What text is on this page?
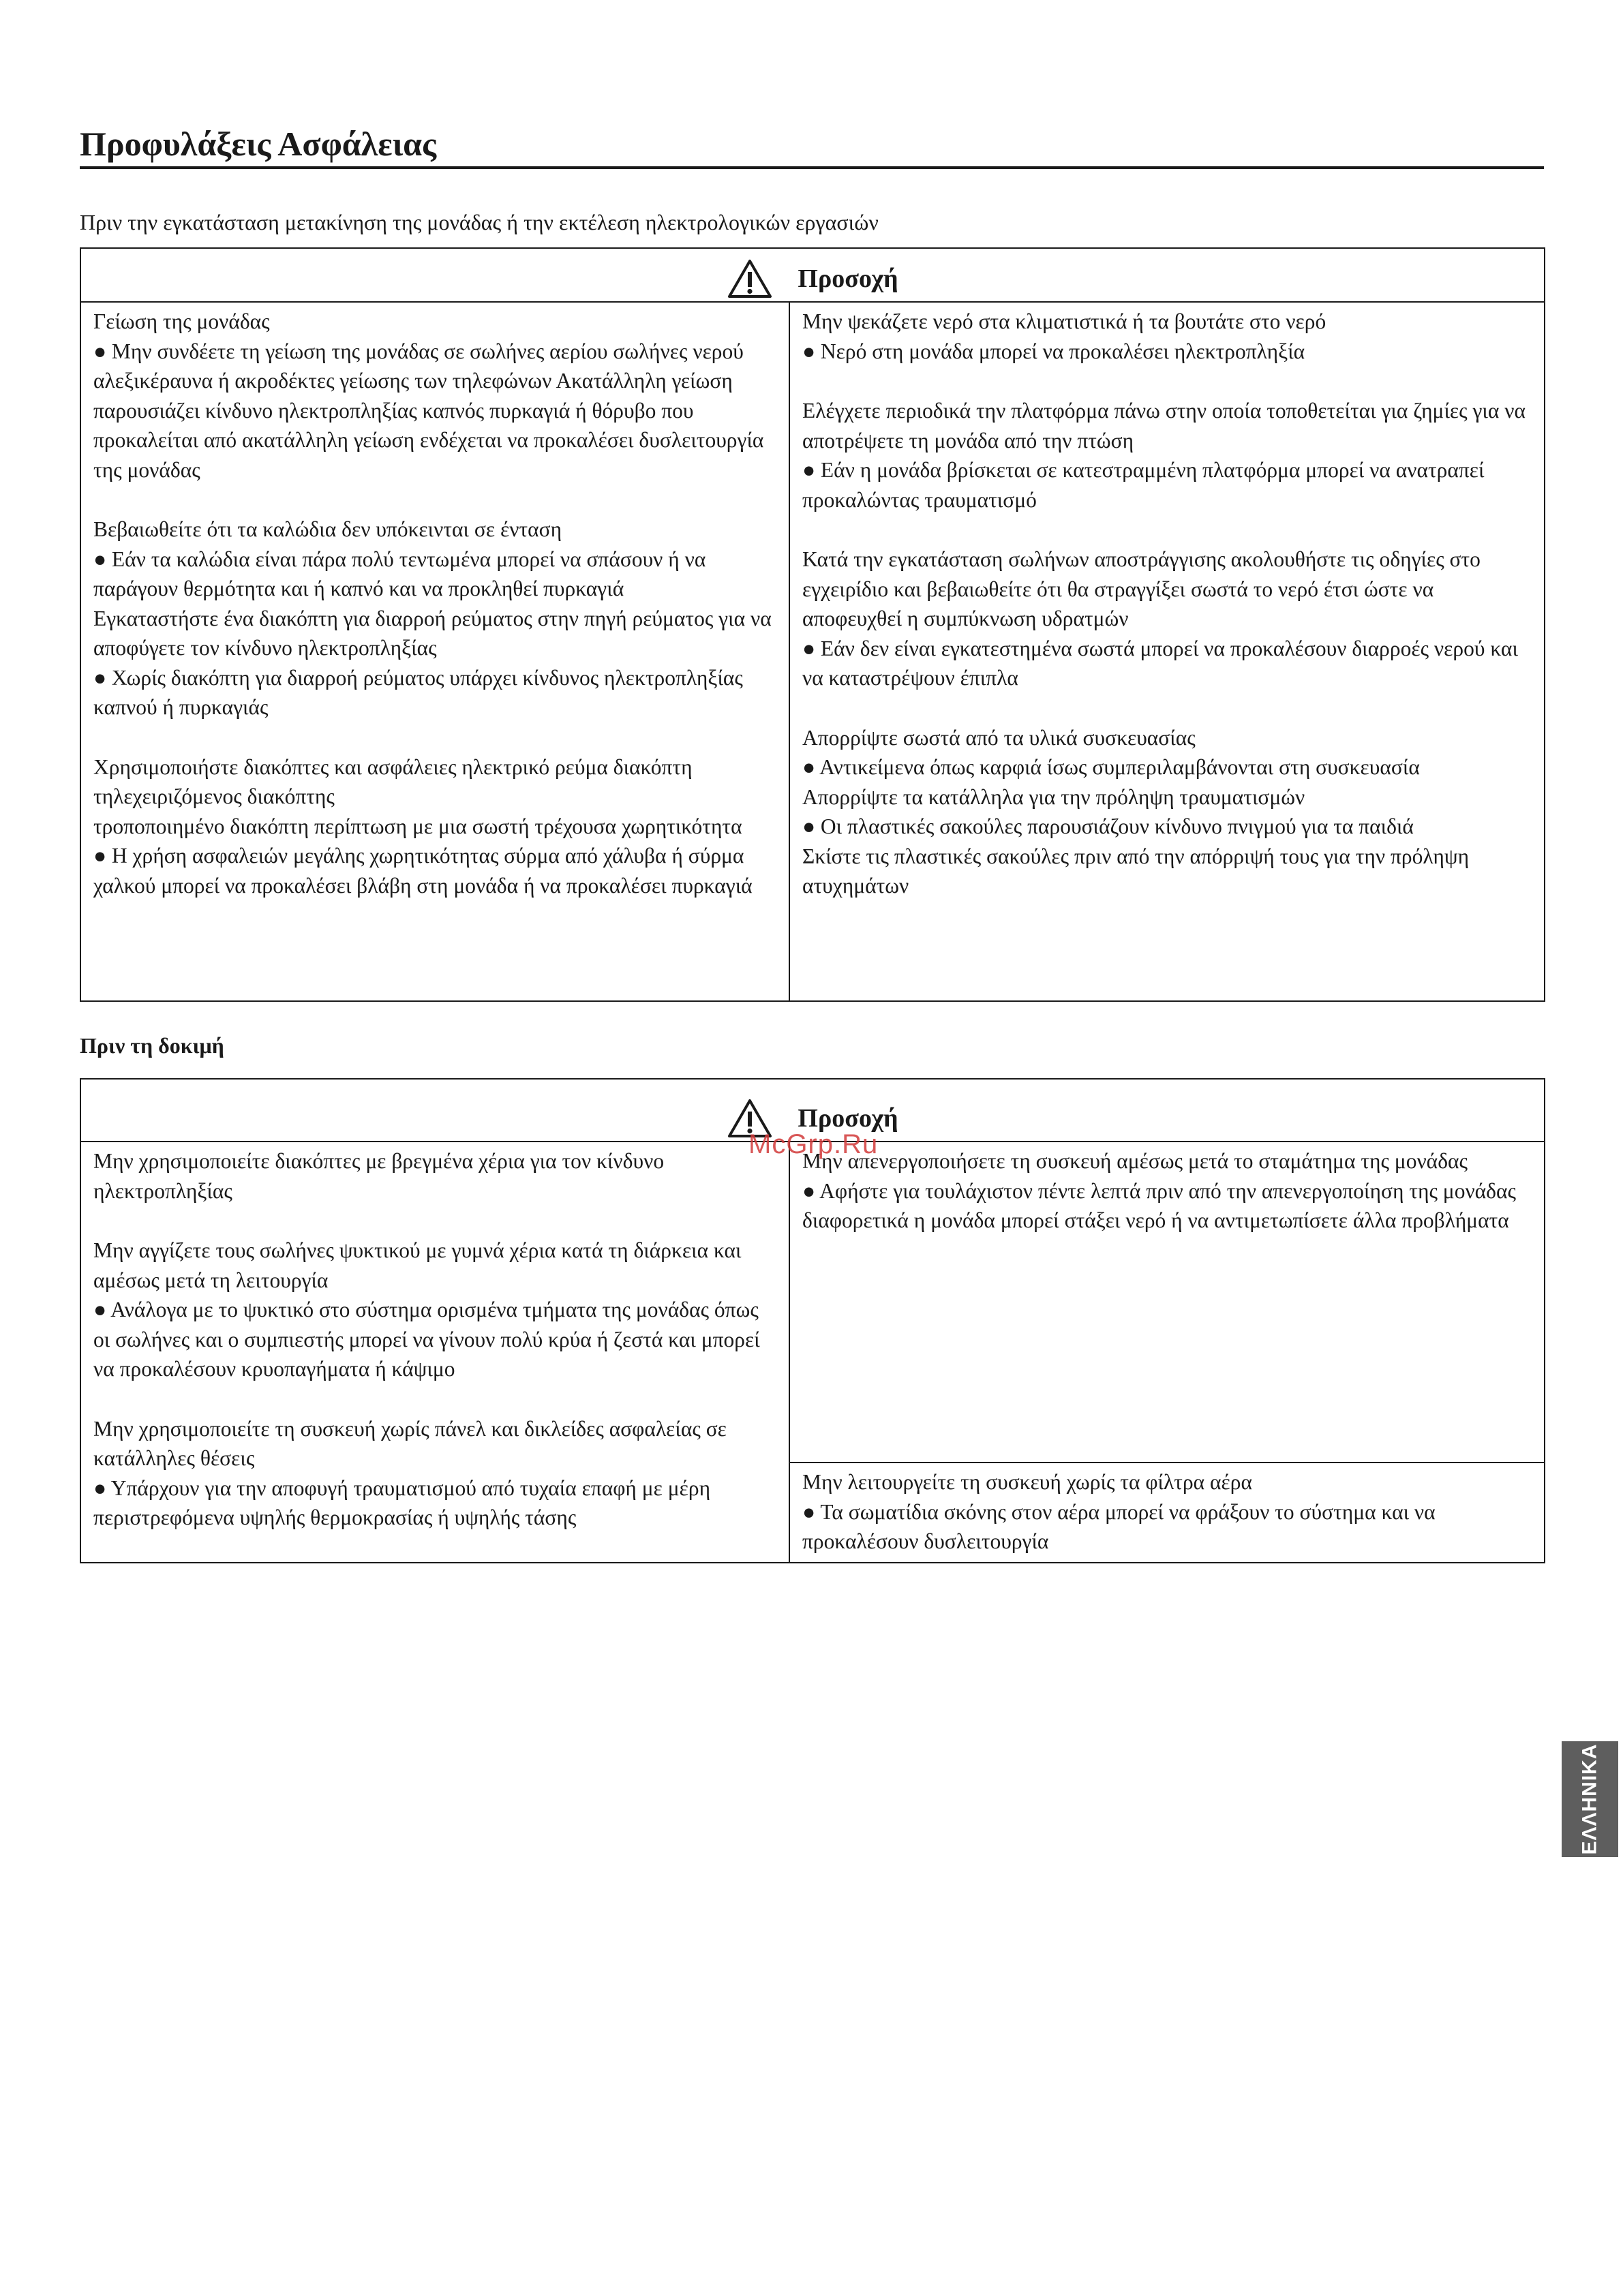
Προφυλάξεις Ασφάλειας
Πριν την εγκατάσταση μετακίνηση της μονάδας ή την εκτέλεση ηλεκτρολογικών εργασιών
Προσοχή

Γείωση της μονάδας

● Μην συνδέετε τη γείωση της μονάδας σε σωλήνες αερίου σωλήνες νερού αλεξικέραυνα ή ακροδέκτες γείωσης των τηλεφώνων Ακατάλληλη γείωση παρουσιάζει κίνδυνο ηλεκτροπληξίας καπνός πυρκαγιά ή θόρυβο που προκαλείται από ακατάλληλη γείωση ενδέχεται να προκαλέσει δυσλειτουργία της μονάδας

Βεβαιωθείτε ότι τα καλώδια δεν υπόκεινται σε ένταση

● Εάν τα καλώδια είναι πάρα πολύ τεντωμένα μπορεί να σπάσουν ή να παράγουν θερμότητα και ή καπνό και να προκληθεί πυρκαγιά

Εγκαταστήστε ένα διακόπτη για διαρροή ρεύματος στην πηγή ρεύματος για να αποφύγετε τον κίνδυνο ηλεκτροπληξίας

● Χωρίς διακόπτη για διαρροή ρεύματος υπάρχει κίνδυνος ηλεκτροπληξίας καπνού ή πυρκαγιάς

Χρησιμοποιήστε διακόπτες και ασφάλειες ηλεκτρικό ρεύμα διακόπτη τηλεχειριζόμενος διακόπτης

τροποποιημένο διακόπτη περίπτωση με μια σωστή τρέχουσα χωρητικότητα

● Η χρήση ασφαλειών μεγάλης χωρητικότητας σύρμα από χάλυβα ή σύρμα χαλκού μπορεί να προκαλέσει βλάβη στη μονάδα ή να προκαλέσει πυρκαγιά

Μην ψεκάζετε νερό στα κλιματιστικά ή τα βουτάτε στο νερό

● Νερό στη μονάδα μπορεί να προκαλέσει ηλεκτροπληξία

Ελέγχετε περιοδικά την πλατφόρμα πάνω στην οποία τοποθετείται για ζημίες για να αποτρέψετε τη μονάδα από την πτώση

● Εάν η μονάδα βρίσκεται σε κατεστραμμένη πλατφόρμα μπορεί να ανατραπεί προκαλώντας τραυματισμό

Κατά την εγκατάσταση σωλήνων αποστράγγισης ακολουθήστε τις οδηγίες στο εγχειρίδιο και βεβαιωθείτε ότι θα στραγγίξει σωστά το νερό έτσι ώστε να αποφευχθεί η συμπύκνωση υδρατμών

● Εάν δεν είναι εγκατεστημένα σωστά μπορεί να προκαλέσουν διαρροές νερού και να καταστρέψουν έπιπλα

Απορρίψτε σωστά από τα υλικά συσκευασίας

● Αντικείμενα όπως καρφιά ίσως συμπεριλαμβάνονται στη συσκευασία

Απορρίψτε τα κατάλληλα για την πρόληψη τραυματισμών

● Οι πλαστικές σακούλες παρουσιάζουν κίνδυνο πνιγμού για τα παιδιά

Σκίστε τις πλαστικές σακούλες πριν από την απόρριψή τους για την πρόληψη ατυχημάτων

Πριν τη δοκιμή
Προσοχή

Μην χρησιμοποιείτε διακόπτες με βρεγμένα χέρια για τον κίνδυνο ηλεκτροπληξίας

Μην αγγίζετε τους σωλήνες ψυκτικού με γυμνά χέρια κατά τη διάρκεια και αμέσως μετά τη λειτουργία

● Ανάλογα με το ψυκτικό στο σύστημα ορισμένα τμήματα της μονάδας όπως οι σωλήνες και ο συμπιεστής μπορεί να γίνουν πολύ κρύα ή ζεστά και μπορεί να προκαλέσουν κρυοπαγήματα ή κάψιμο

Μην χρησιμοποιείτε τη συσκευή χωρίς πάνελ και δικλείδες ασφαλείας σε κατάλληλες θέσεις

● Υπάρχουν για την αποφυγή τραυματισμού από τυχαία επαφή με μέρη περιστρεφόμενα υψηλής θερμοκρασίας ή υψηλής τάσης

Μην απενεργοποιήσετε τη συσκευή αμέσως μετά το σταμάτημα της μονάδας

● Αφήστε για τουλάχιστον πέντε λεπτά πριν από την απενεργοποίηση της μονάδας διαφορετικά η μονάδα μπορεί στάξει νερό ή να αντιμετωπίσετε άλλα προβλήματα

Μην λειτουργείτε τη συσκευή χωρίς τα φίλτρα αέρα

● Τα σωματίδια σκόνης στον αέρα μπορεί να φράξουν το σύστημα και να προκαλέσουν δυσλειτουργία

McGrp.Ru
ΕΛΛΗΝΙΚΑ
